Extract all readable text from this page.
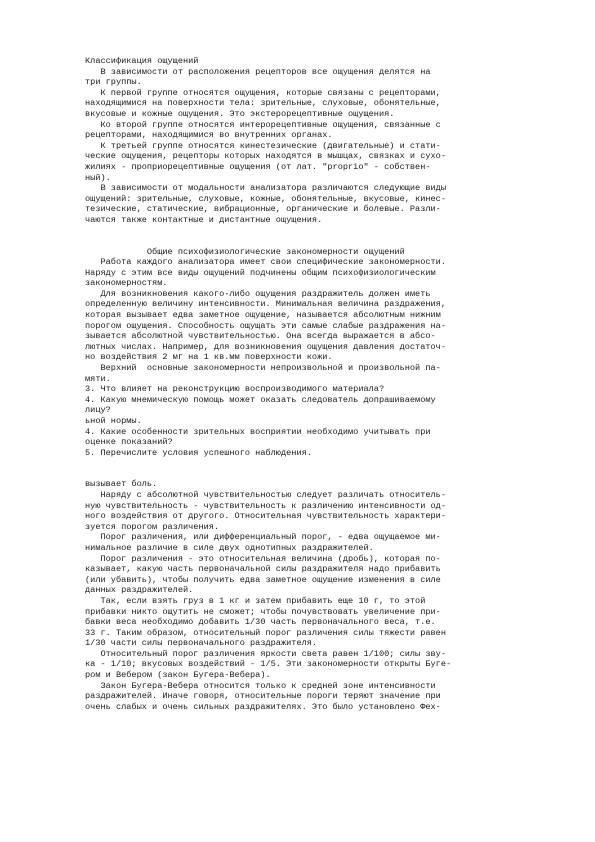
Классификация ощущений
В зависимости от расположения рецепторов все ощущения делятся на
три группы.
К первой группе относятся ощущения, которые связаны с рецепторами,
находящимися на поверхности тела: зрительные, слуховые, обонятельные,
вкусовые и кожные ощущения. Это экстерорецептивные ощущения.
Ко второй группе относятся интерорецептивные ощущения, связанные с
рецепторами, находящимися во внутренних органах.
К третьей группе относятся кинестезические (двигательные) и стати-
ческие ощущения, рецепторы которых находятся в мышцах, связках и сухо-
жилиях - проприорецептивные ощущения (от лат. "proprio" - собствен-
ный).
В зависимости от модальности анализатора различаются следующие виды
ощущений: зрительные, слуховые, кожные, обонятельные, вкусовые, кинес-
тезические, статические, вибрационные, органические и болевые. Разли-
чаются также контактные и дистантные ощущения.
Общие психофизиологические закономерности ощущений
Работа каждого анализатора имеет свои специфические закономерности.
Наряду с этим все виды ощущений подчинены общим психофизиологическим
закономерностям.
Для возникновения какого-либо ощущения раздражитель должен иметь
определенную величину интенсивности. Минимальная величина раздражения,
которая вызывает едва заметное ощущение, называется абсолютным нижним
порогом ощущения. Способность ощущать эти самые слабые раздражения на-
зывается абсолютной чувствительностью. Она всегда выражается в абсо-
лютных числах. Например, для возникновения ощущения давления достаточ-
но воздействия 2 мг на 1 кв.мм поверхности кожи.
Верхний  основные закономерности непроизвольной и произвольной па-
мяти.
3. Что влияет на реконструкцию воспроизводимого материала?
4. Какую мнемическую помощь может оказать следователь допрашиваемому
лицу?
ьной нормы.
4. Какие особенности зрительных восприятии необходимо учитывать при
оценке показаний?
5. Перечислите условия успешного наблюдения.
вызывает боль.
Наряду с абсолютной чувствительностью следует различать относитель-
ную чувствительность - чувствительность к различению интенсивности од-
ного воздействия от другого. Относительная чувствительность характери-
зуется порогом различения.
Порог различения, или дифференциальный порог, - едва ощущаемое ми-
нимальное различие в силе двух однотипных раздражителей.
Порог различения - это относительная величина (дробь), которая по-
казывает, какую часть первоначальной силы раздражителя надо прибавить
(или убавить), чтобы получить едва заметное ощущение изменения в силе
данных раздражителей.
Так, если взять груз в 1 кг и затем прибавить еще 10 г, то этой
прибавки никто ощутить не сможет; чтобы почувствовать увеличение при-
бавки веса необходимо добавить 1/30 часть первоначального веса, т.е.
33 г. Таким образом, относительный порог различения силы тяжести равен
1/30 части силы первоначального раздражителя.
Относительный порог различения яркости света равен 1/100; силы зву-
ка - 1/10; вкусовых воздействий - 1/5. Эти закономерности открыты Бугe-
ром и Вебером (закон Бугера-Вебера).
Закон Бугера-Вебера относится только к средней зоне интенсивности
раздражителей. Иначе говоря, относительные пороги теряют значение при
очень слабых и очень сильных раздражителях. Это было установлено Фех-
